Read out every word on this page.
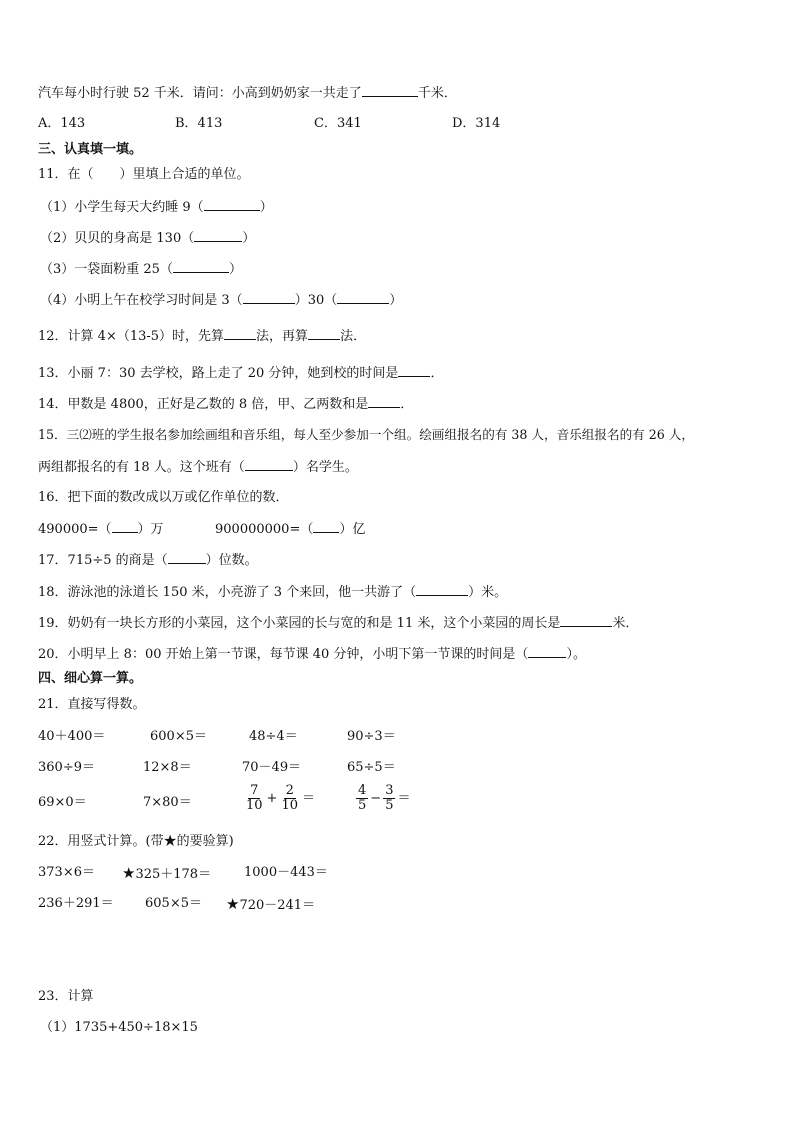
汽车每小时行驶 52 千米．请问：小高到奶奶家一共走了	千米．
A．143	B．413	C．341	D．314
三、认真填一填。
11．在（　　）里填上合适的单位。
（1）小学生每天大约睡 9（	）
（2）贝贝的身高是 130（	）
（3）一袋面粉重 25（	）
（4）小明上午在校学习时间是 3（	）30（	）
12．计算 4×（13-5）时，先算 法，再算 法．
13．小丽 7：30 去学校，路上走了 20 分钟，她到校的时间是 ．
14．甲数是 4800，正好是乙数的 8 倍，甲、乙两数和是 ．
15．三⑵班的学生报名参加绘画组和音乐组，每人至少参加一个组。绘画组报名的有 38 人，音乐组报名的有 26 人，
两组都报名的有 18 人。这个班有（	）名学生。
16．把下面的数改成以万或亿作单位的数．
490000=（ ）万	900000000=（ ）亿
17．715÷5 的商是（	）位数。
18．游泳池的泳道长 150 米，小亮游了 3 个来回，他一共游了（	）米。
19．奶奶有一块长方形的小菜园，这个小菜园的长与宽的和是 11 米，这个小菜园的周长是	米．
20．小明早上 8：00 开始上第一节课，每节课 40 分钟，小明下第一节课的时间是（	）。
四、细心算一算。
21．直接写得数。
40＋400＝	600×5＝	48÷4＝	90÷3＝
360÷9＝	12×8＝	70－49＝	65÷5＝
69×0＝	7×80＝	$\frac{7}{10} + \frac{2}{10}$ ＝	$\frac{4}{5} - \frac{3}{5}$ ＝
22．用竖式计算。(带★的要验算)
373×6＝ ★325＋178＝	1000－443＝
236＋291＝ 605×5＝ ★720－241＝
23．计算
（1）1735+450÷18×15
